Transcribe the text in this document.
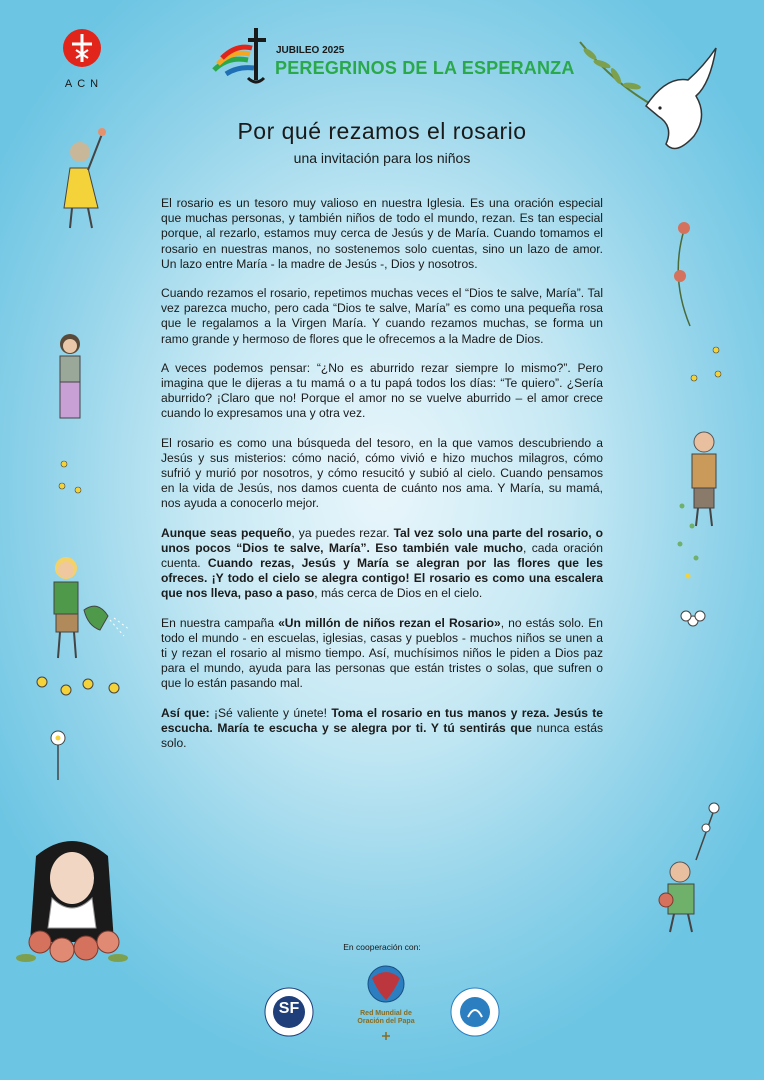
ACN
JUBILEO 2025
PEREGRINOS DE LA ESPERANZA
Por qué rezamos el rosario
una invitación para los niños

El rosario es un tesoro muy valioso en nuestra Iglesia. Es una oración especial que muchas personas, y también niños de todo el mundo, rezan. Es tan especial porque, al rezarlo, estamos muy cerca de Jesús y de María. Cuando tomamos el rosario en nuestras manos, no sostenemos solo cuentas, sino un lazo de amor. Un lazo entre María - la madre de Jesús -, Dios y nosotros.

Cuando rezamos el rosario, repetimos muchas veces el “Dios te salve, María”. Tal vez parezca mucho, pero cada “Dios te salve, María” es como una pequeña rosa que le regalamos a la Virgen María. Y cuando rezamos muchas, se forma un ramo grande y hermoso de flores que le ofrecemos a la Madre de Dios.

A veces podemos pensar: “¿No es aburrido rezar siempre lo mismo?”. Pero imagina que le dijeras a tu mamá o a tu papá todos los días: “Te quiero”. ¿Sería aburrido? ¡Claro que no! Porque el amor no se vuelve aburrido – el amor crece cuando lo expresamos una y otra vez.

El rosario es como una búsqueda del tesoro, en la que vamos descubriendo a Jesús y sus misterios: cómo nació, cómo vivió e hizo muchos milagros, cómo sufrió y murió por nosotros, y cómo resucitó y subió al cielo. Cuando pensamos en la vida de Jesús, nos damos cuenta de cuánto nos ama. Y María, su mamá, nos ayuda a conocerlo mejor.

Aunque seas pequeño, ya puedes rezar. Tal vez solo una parte del rosario, o unos pocos “Dios te salve, María”. Eso también vale mucho, cada oración cuenta. Cuando rezas, Jesús y María se alegran por las flores que les ofreces. ¡Y todo el cielo se alegra contigo! El rosario es como una escalera que nos lleva, paso a paso, más cerca de Dios en el cielo.

En nuestra campaña «Un millón de niños rezan el Rosario», no estás solo. En todo el mundo - en escuelas, iglesias, casas y pueblos - muchos niños se unen a ti y rezan el rosario al mismo tiempo. Así, muchísimos niños le piden a Dios paz para el mundo, ayuda para las personas que están tristes o solas, que sufren o que lo están pasando mal.

Así que: ¡Sé valiente y únete! Toma el rosario en tus manos y reza. Jesús te escucha. María te escucha y se alegra por ti. Y tú sentirás que nunca estás solo.

En cooperación con:
SF	Red Mundial de Oración del Papa
